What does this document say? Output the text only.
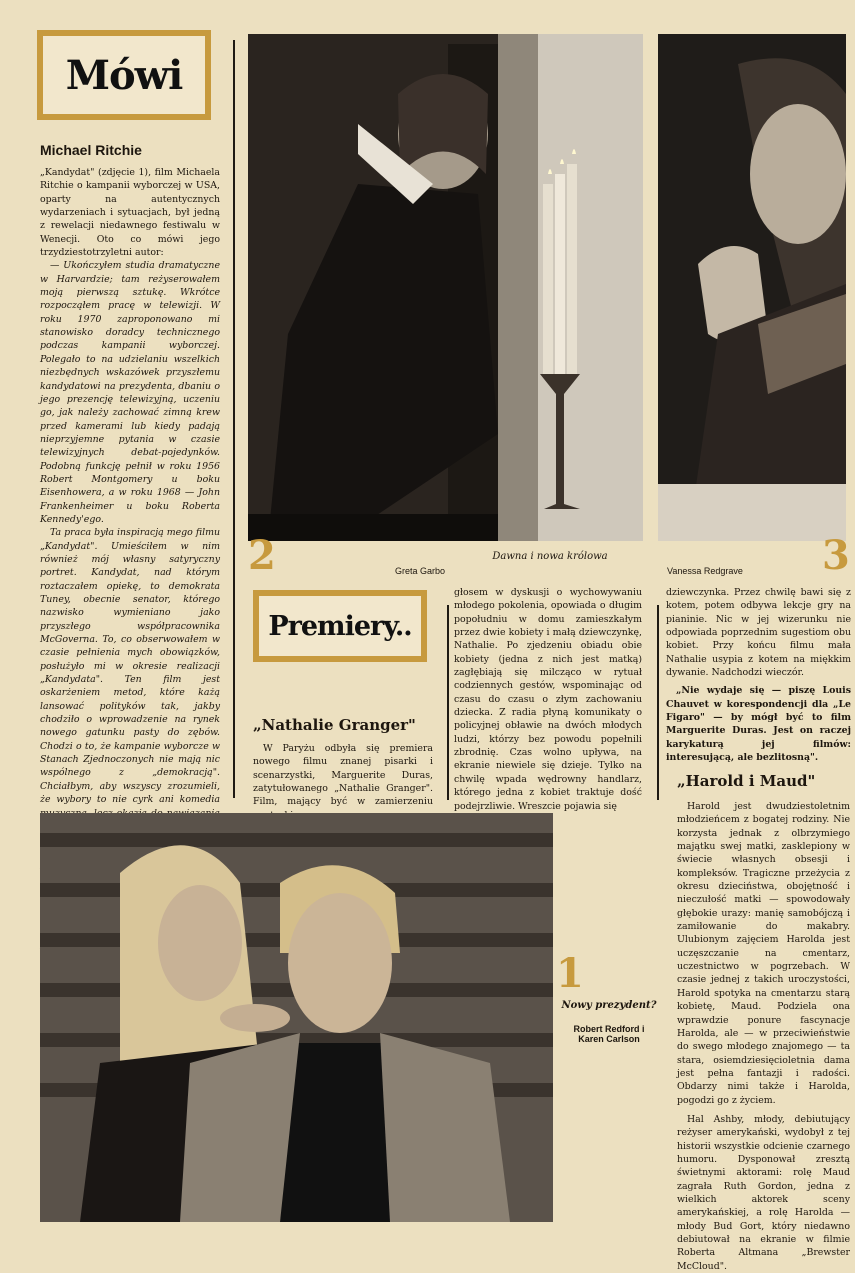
Mówi
Michael Ritchie

„Kandydat" (zdjęcie 1), film Michaela Ritchie o kampanii wyborczej w USA, oparty na autentycznych wydarzeniach i sytuacjach, był jedną z rewelacji niedawnego festiwalu w Wenecji. Oto co mówi jego trzydziestotrzyletni autor:

— Ukończyłem studia dramatyczne w Harvardzie; tam reżyserowałem moją pierwszą sztukę. Wkrótce rozpocząłem pracę w telewizji. W roku 1970 zaproponowano mi stanowisko doradcy technicznego podczas kampanii wyborczej. Polegało to na udzielaniu wszelkich niezbędnych wskazówek przyszłemu kandydatowi na prezydenta, dbaniu o jego prezencję telewizyjną, uczeniu go, jak należy zachować zimną krew przed kamerami lub kiedy padają nieprzyjemne pytania w czasie telewizyjnych debat-pojedynków. Podobną funkcję pełnił w roku 1956 Robert Montgomery u boku Eisenhowera, a w roku 1968 — John Frankenheimer u boku Roberta Kennedy'ego.

Ta praca była inspiracją mego filmu „Kandydat". Umieściłem w nim również mój własny satyryczny portret. Kandydat, nad którym roztaczałem opiekę, to demokrata Tuney, obecnie senator, którego nazwisko wymieniano jako przyszłego współpracownika McGoverna. To, co obserwowałem w czasie pełnienia mych obowiązków, posłużyło mi w okresie realizacji „Kandydata". Ten film jest oskarżeniem metod, które każą lansować polityków tak, jakby chodziło o wprowadzenie na rynek nowego gatunku pasty do zębów. Chodzi o to, że kampanie wyborcze w Stanach Zjednoczonych nie mają nic wspólnego z „demokracją". Chciałbym, aby wszyscy zrozumieli, że wybory to nie cyrk ani komedia

2	Dawna i nowa królowa
Greta Garbo	Vanessa Redgrave	3
Premiery..
„Nathalie Granger"

W Paryżu odbyła się premiera nowego filmu znanej pisarki i scenarzystki, Marguerite Duras, zatytułowanego „Nathalie Granger". Film, mający być w zamierzeniu

głosem w dyskusji o wychowywaniu młodego pokolenia, opowiada o długim popołudniu w domu zamieszkałym przez dwie kobiety i małą dziewczynkę, Nathalie. Po zjedzeniu obiadu obie kobiety (jedna z nich jest matką) zagłębiają się milcząco w rytuał codziennych gestów, wspominając od czasu do czasu o złym zachowaniu dziecka. Z radia płyną komunikaty o policyjnej obławie na dwóch młodych ludzi, którzy bez powodu popełnili zbrodnię. Czas wolno upływa, na ekranie niewiele się dzieje. Tylko na chwilę wpada wędrowny handlarz, którego jedna z kobiet traktuje dość podejrzliwie. Wreszcie pojawia się

dziewczynka. Przez chwilę bawi się z kotem, potem odbywa lekcje gry na pianinie. Nic w jej wizerunku nie odpowiada poprzednim sugestiom obu kobiet. Przy końcu filmu mała Nathalie usypia z kotem na miękkim dywanie. Nadchodzi wieczór.

„Nie wydaje się — piszę Louis Chauvet w korespondencji dla „Le Figaro" — by mógł być to film Marguerite Duras. Jest on raczej karykaturą jej filmów: interesującą, ale bezlitosną".

„Harold i Maud"

Harold jest dwudziestoletnim młodzieńcem z bogatej rodziny. Nie korzysta jednak z olbrzymiego majątku swej matki, zasklepiony w świecie własnych obsesji i kompleksów. Tragiczne przeżycia z okresu dzieciństwa, obojętność i nieczułość matki — spowodowały głębokie urazy: manię samobójczą i zamiłowanie do makabry. Ulubionym zajęciem Harolda jest uczęszczanie na cmentarz, uczestnictwo w pogrzebach. W czasie jednej z takich uroczystości, Harold spotyka na cmentarzu starą kobietę, Maud. Podziela ona wprawdzie ponure fascynacje Harolda, ale — w przeciwieństwie do swego młodego znajomego — ta stara, osiemdziesięcioletnia dama jest pełna fantazji i radości. Obdarzy nimi także i Harolda, pogodzi go z życiem.

Hal Ashby, młody, debiutujący reżyser amerykański, wydobył z tej historii wszystkie odcienie czarnego humoru. Dysponował zresztą świetnymi aktorami: rolę Maud zagrała Ruth Gordon, jedna z wielkich aktorek sceny amerykańskiej, a rolę Harolda — młody Bud Gort, który niedawno debiutował na ekranie w filmie Roberta Altmana „Brewster McCloud".

1
Nowy prezydent?
Robert Redford i Karen Carlson
